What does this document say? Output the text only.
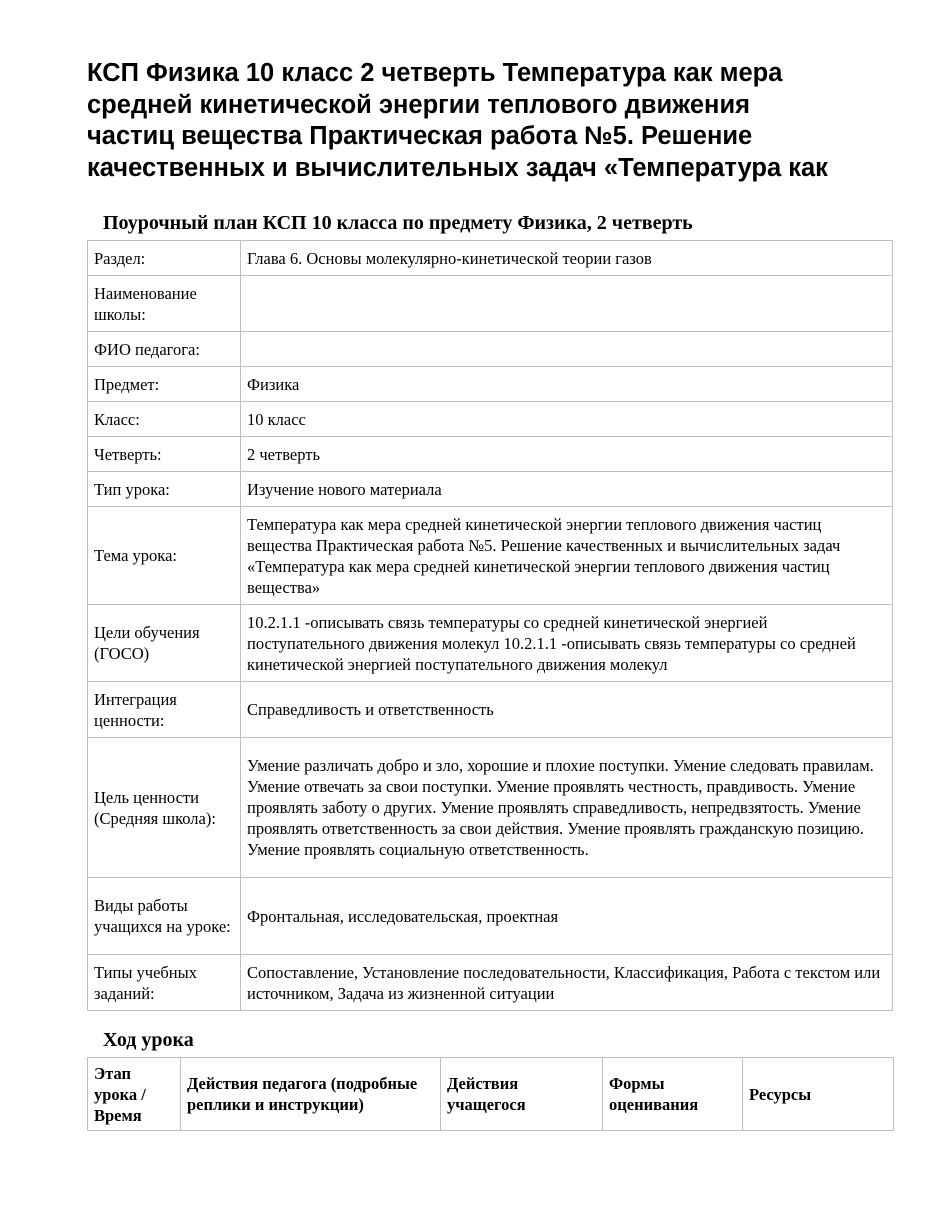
КСП Физика 10 класс 2 четверть Температура как мера
средней кинетической энергии теплового движения
частиц вещества Практическая работа №5. Решение
качественных и вычислительных задач «Температура как
Поурочный план КСП 10 класса по предмету Физика, 2 четверть
Раздел:	Глава 6. Основы молекулярно-кинетической теории газов
Наименование школы:	
ФИО педагога:	
Предмет:	Физика
Класс:	10 класс
Четверть:	2 четверть
Тип урока:	Изучение нового материала
Тема урока:	Температура как мера средней кинетической энергии теплового движения частиц вещества Практическая работа №5. Решение качественных и вычислительных задач «Температура как мера средней кинетической энергии теплового движения частиц вещества»
Цели обучения (ГОСО)	10.2.1.1 -описывать связь температуры со средней кинетической энергией поступательного движения молекул 10.2.1.1 -описывать связь температуры со средней кинетической энергией поступательного движения молекул
Интеграция ценности:	Справедливость и ответственность
Цель ценности (Средняя школа):	Умение различать добро и зло, хорошие и плохие поступки. Умение следовать правилам. Умение отвечать за свои поступки. Умение проявлять честность, правдивость. Умение проявлять заботу о других. Умение проявлять справедливость, непредвзятость. Умение проявлять ответственность за свои действия. Умение проявлять гражданскую позицию. Умение проявлять социальную ответственность.
Виды работы учащихся на уроке:	Фронтальная, исследовательская, проектная
Типы учебных заданий:	Сопоставление, Установление последовательности, Классификация, Работа с текстом или источником, Задача из жизненной ситуации
Ход урока
Этап урока / Время	Действия педагога (подробные реплики и инструкции)	Действия учащегося	Формы оценивания	Ресурсы
